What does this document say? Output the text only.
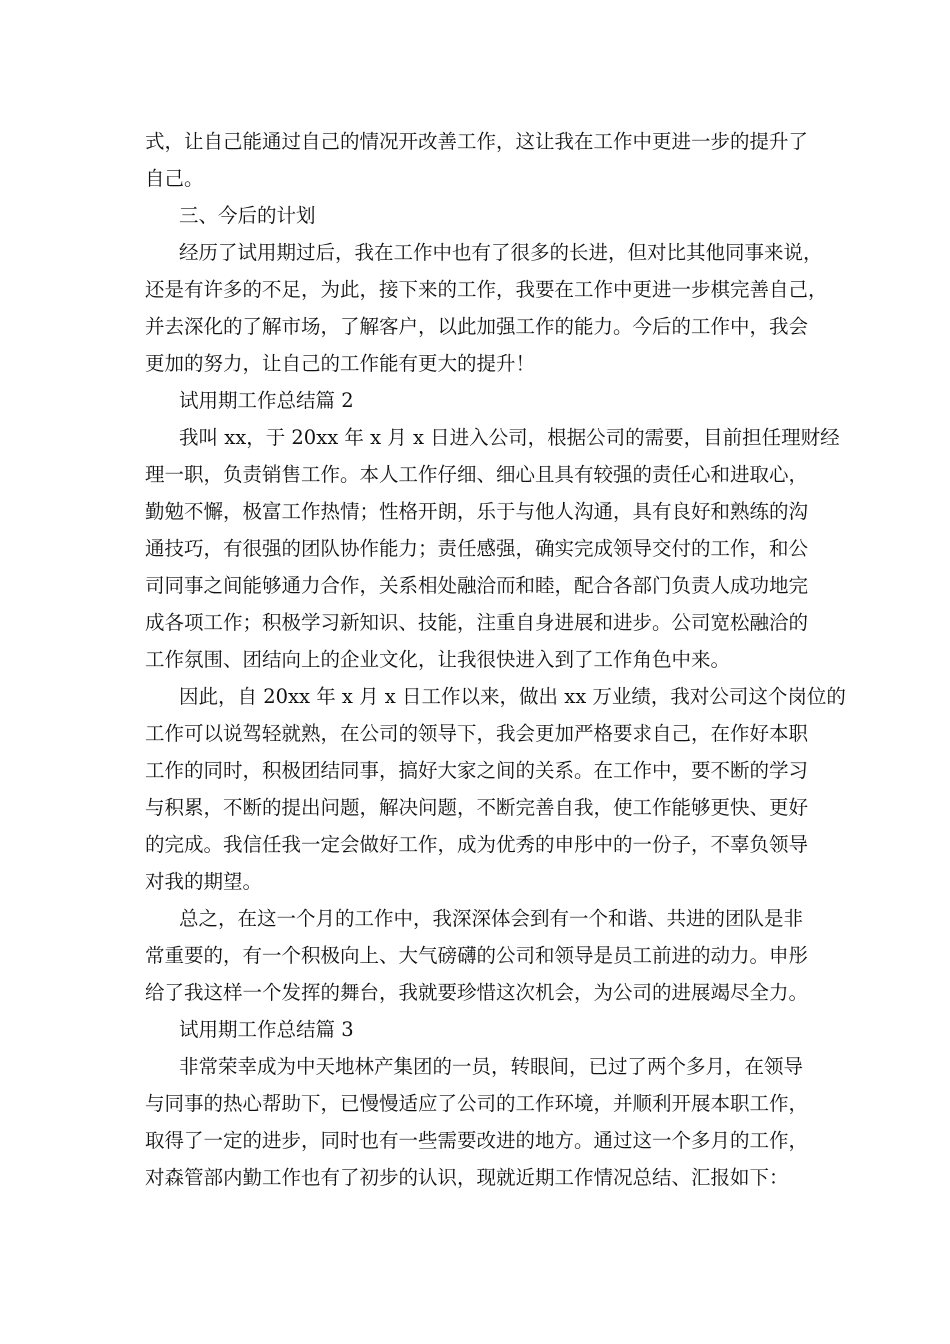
式，让自己能通过自己的情况开改善工作，这让我在工作中更进一步的提升了
自己。
三、今后的计划
经历了试用期过后，我在工作中也有了很多的长进，但对比其他同事来说，
还是有许多的不足，为此，接下来的工作，我要在工作中更进一步棋完善自己，
并去深化的了解市场，了解客户，以此加强工作的能力。今后的工作中，我会
更加的努力，让自己的工作能有更大的提升！
试用期工作总结篇 2
我叫 xx，于 20xx 年 x 月 x 日进入公司，根据公司的需要，目前担任理财经
理一职，负责销售工作。本人工作仔细、细心且具有较强的责任心和进取心，
勤勉不懈，极富工作热情；性格开朗，乐于与他人沟通，具有良好和熟练的沟
通技巧，有很强的团队协作能力；责任感强，确实完成领导交付的工作，和公
司同事之间能够通力合作，关系相处融洽而和睦，配合各部门负责人成功地完
成各项工作；积极学习新知识、技能，注重自身进展和进步。公司宽松融洽的
工作氛围、团结向上的企业文化，让我很快进入到了工作角色中来。
因此，自 20xx 年 x 月 x 日工作以来，做出 xx 万业绩，我对公司这个岗位的
工作可以说驾轻就熟，在公司的领导下，我会更加严格要求自己，在作好本职
工作的同时，积极团结同事，搞好大家之间的关系。在工作中，要不断的学习
与积累，不断的提出问题，解决问题，不断完善自我，使工作能够更快、更好
的完成。我信任我一定会做好工作，成为优秀的申彤中的一份子，不辜负领导
对我的期望。
总之，在这一个月的工作中，我深深体会到有一个和谐、共进的团队是非
常重要的，有一个积极向上、大气磅礴的公司和领导是员工前进的动力。申彤
给了我这样一个发挥的舞台，我就要珍惜这次机会，为公司的进展竭尽全力。
试用期工作总结篇 3
非常荣幸成为中天地林产集团的一员，转眼间，已过了两个多月，在领导
与同事的热心帮助下，已慢慢适应了公司的工作环境，并顺利开展本职工作，
取得了一定的进步，同时也有一些需要改进的地方。通过这一个多月的工作，
对森管部内勤工作也有了初步的认识，现就近期工作情况总结、汇报如下：
